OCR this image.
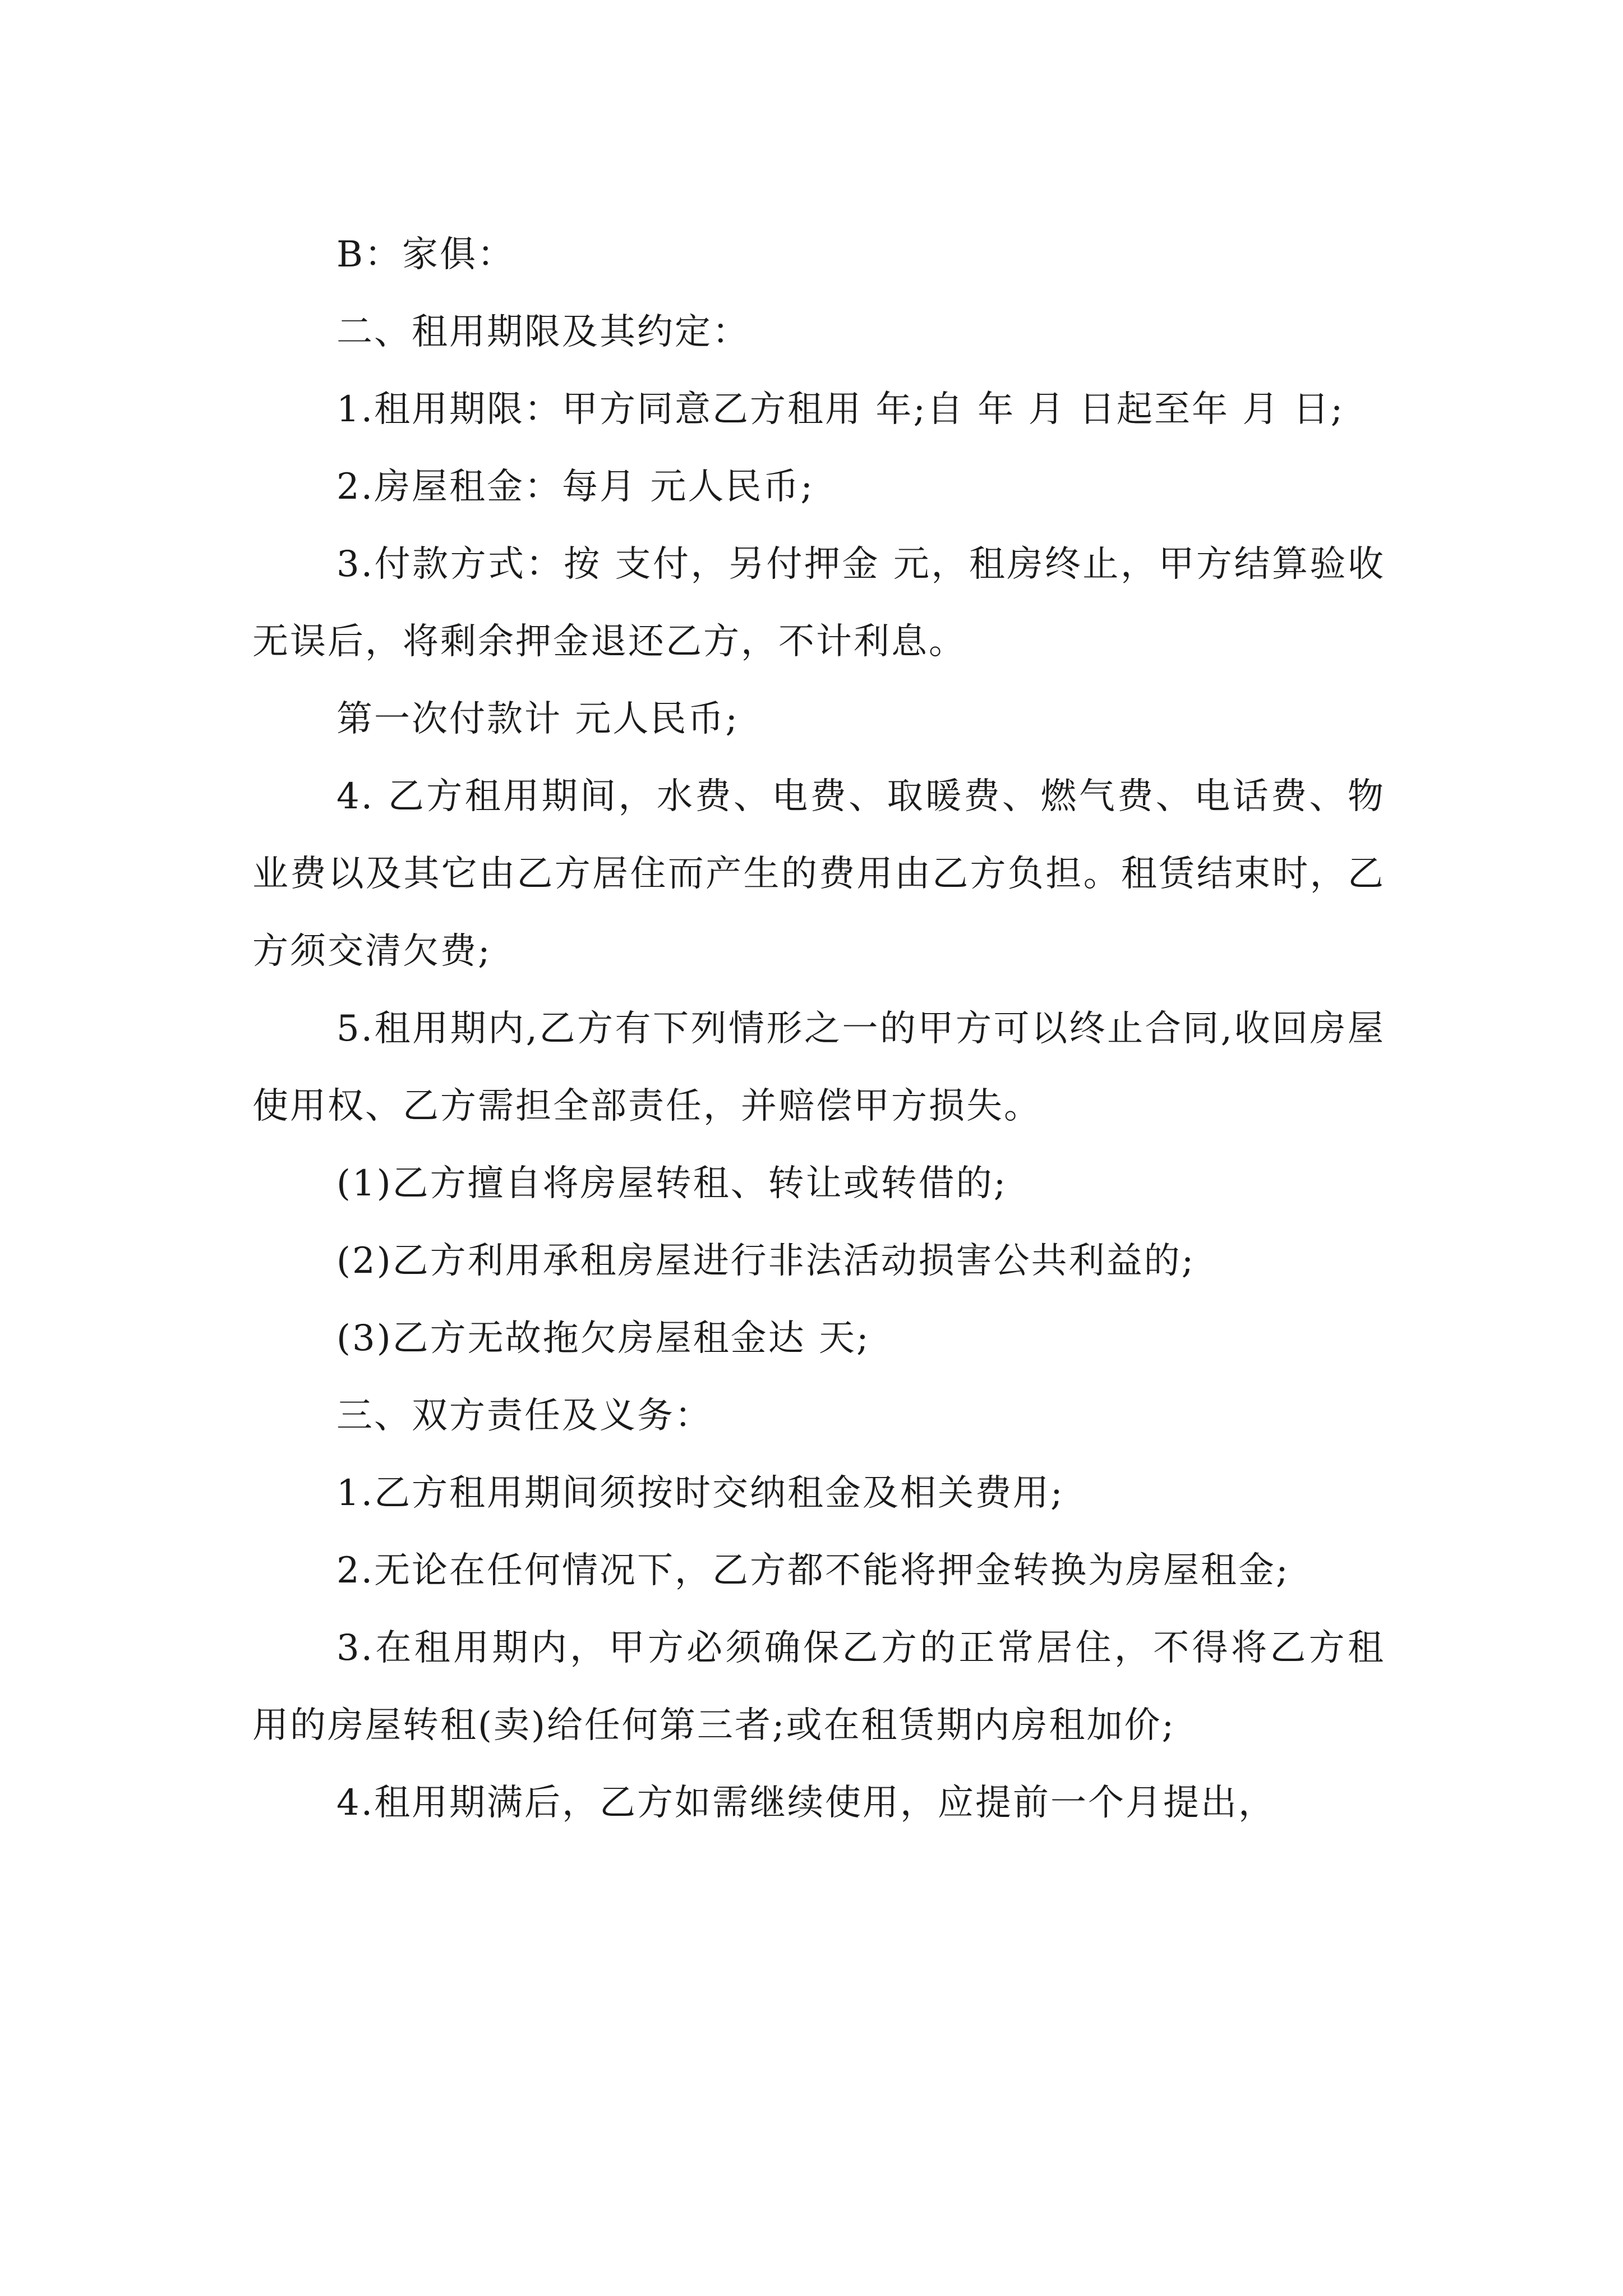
B：家俱：

二、租用期限及其约定：

1.租用期限：甲方同意乙方租用 年;自 年 月 日起至年 月 日;

2.房屋租金：每月 元人民币;

3.付款方式：按 支付，另付押金 元，租房终止，甲方结算验收无误后，将剩余押金退还乙方，不计利息。

第一次付款计 元人民币;

4. 乙方租用期间，水费、电费、取暖费、燃气费、电话费、物业费以及其它由乙方居住而产生的费用由乙方负担。租赁结束时，乙方须交清欠费;

5.租用期内,乙方有下列情形之一的甲方可以终止合同,收回房屋使用权、乙方需担全部责任，并赔偿甲方损失。

(1)乙方擅自将房屋转租、转让或转借的;

(2)乙方利用承租房屋进行非法活动损害公共利益的;

(3)乙方无故拖欠房屋租金达 天;

三、双方责任及义务：

1.乙方租用期间须按时交纳租金及相关费用;

2.无论在任何情况下，乙方都不能将押金转换为房屋租金;

3.在租用期内，甲方必须确保乙方的正常居住，不得将乙方租用的房屋转租(卖)给任何第三者;或在租赁期内房租加价;

4.租用期满后，乙方如需继续使用，应提前一个月提出，
